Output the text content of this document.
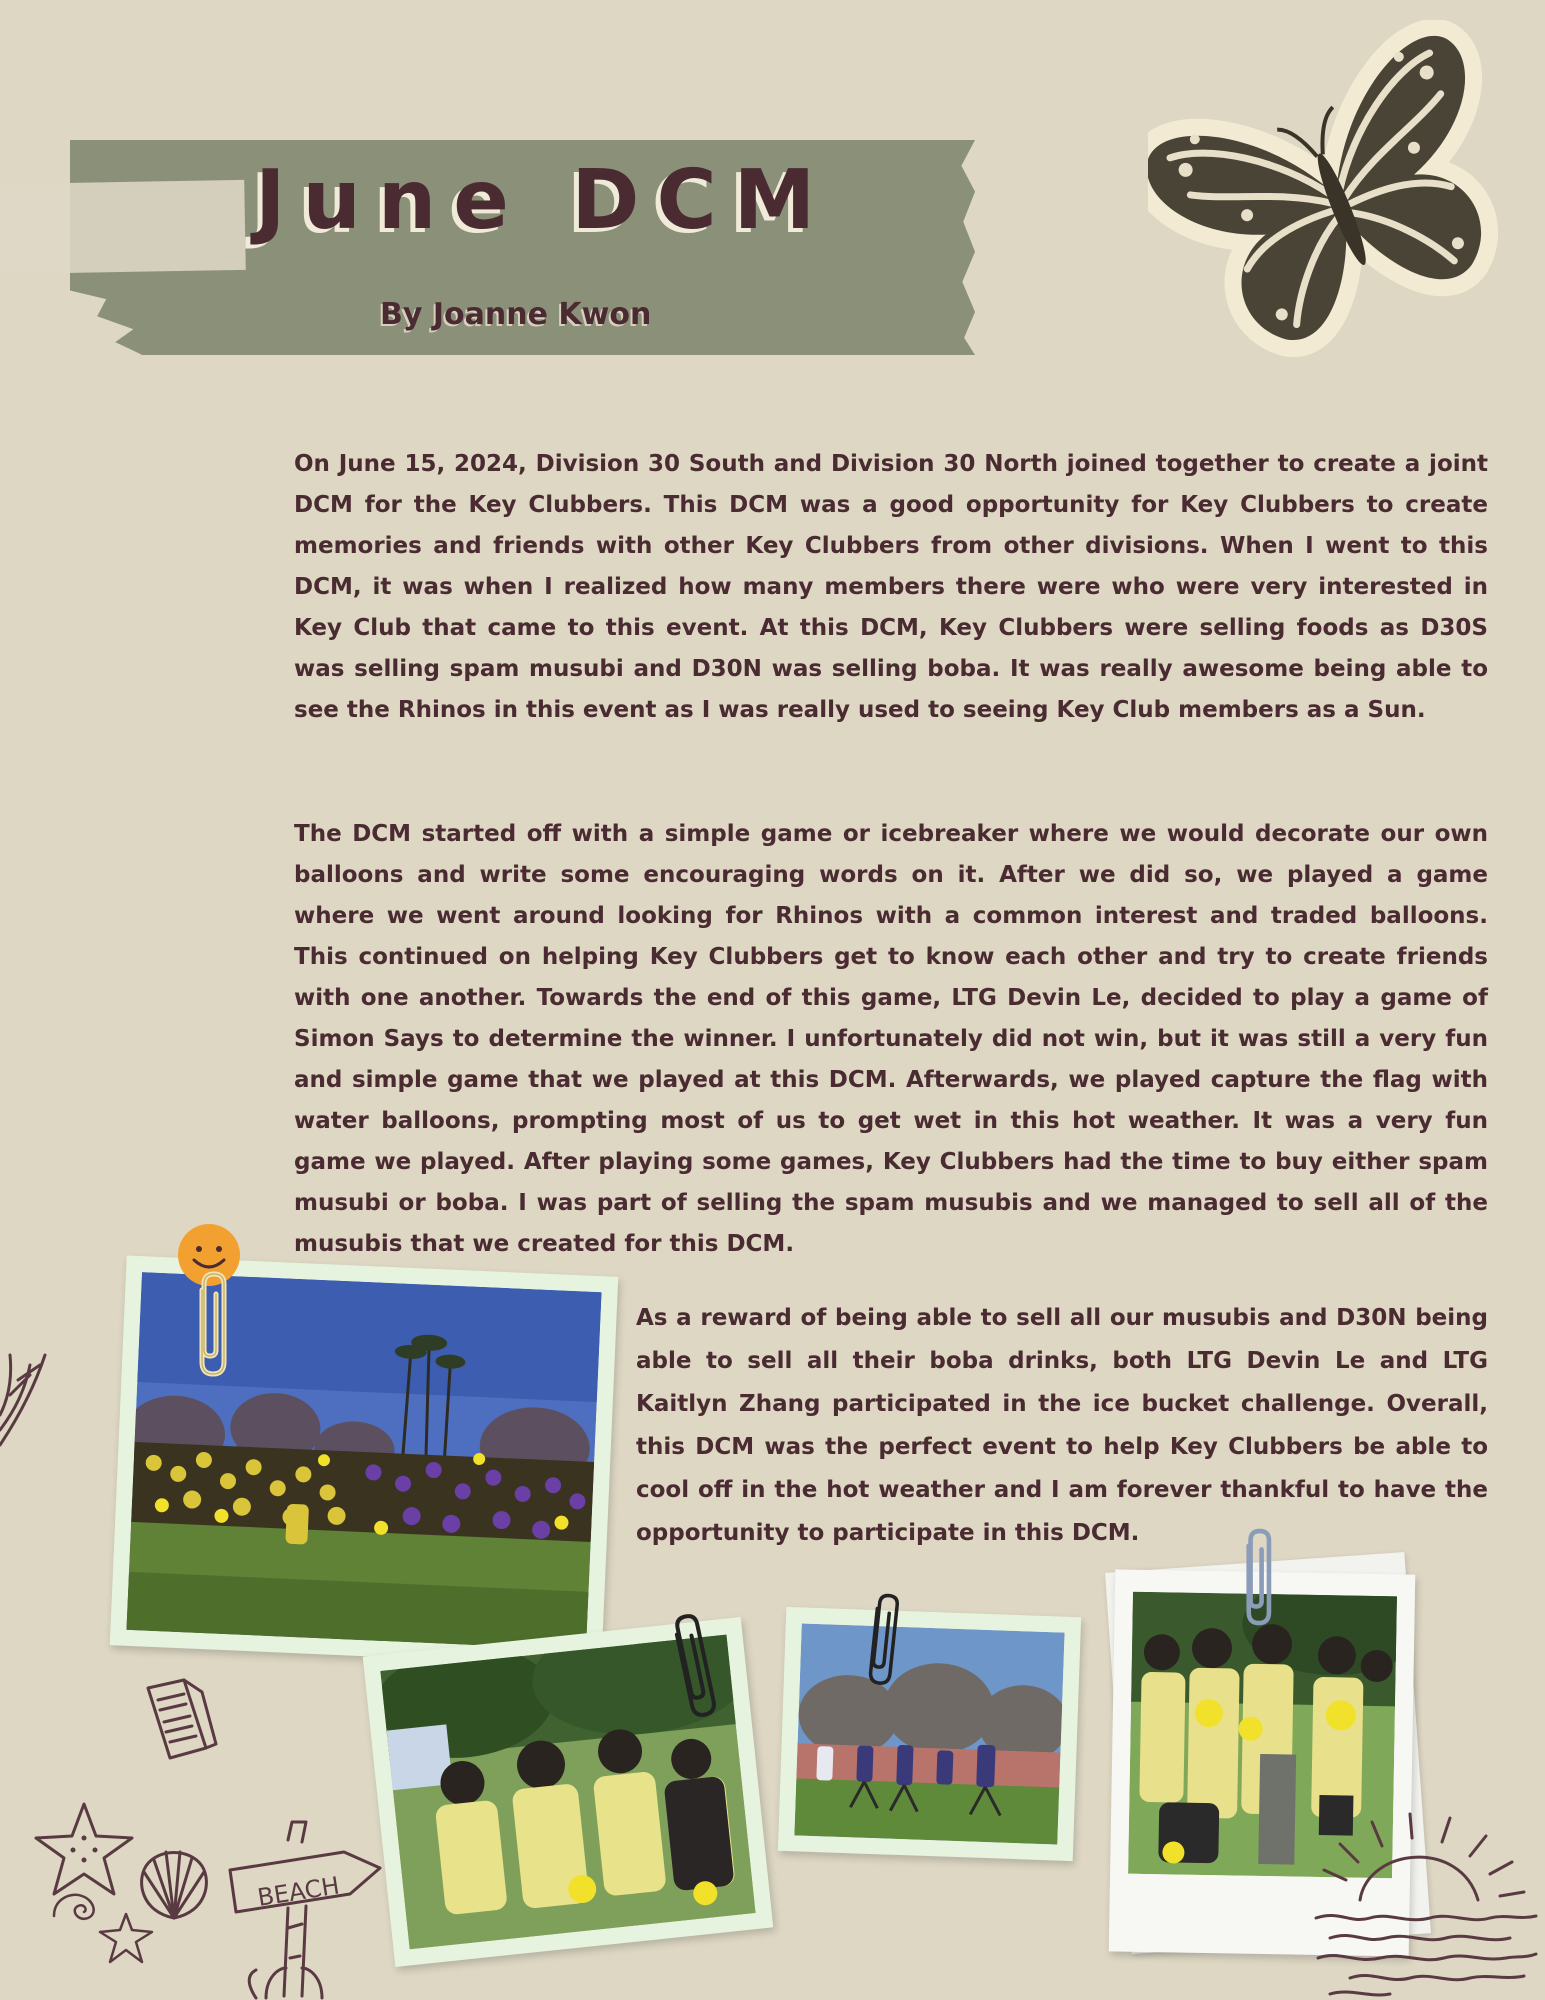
June DCM

By Joanne Kwon

On June 15, 2024, Division 30 South and Division 30 North joined together to create a joint DCM for the Key Clubbers. This DCM was a good opportunity for Key Clubbers to create memories and friends with other Key Clubbers from other divisions. When I went to this DCM, it was when I realized how many members there were who were very interested in Key Club that came to this event. At this DCM, Key Clubbers were selling foods as D30S was selling spam musubi and D30N was selling boba. It was really awesome being able to see the Rhinos in this event as I was really used to seeing Key Club members as a Sun.

The DCM started off with a simple game or icebreaker where we would decorate our own balloons and write some encouraging words on it. After we did so, we played a game where we went around looking for Rhinos with a common interest and traded balloons. This continued on helping Key Clubbers get to know each other and try to create friends with one another. Towards the end of this game, LTG Devin Le, decided to play a game of Simon Says to determine the winner. I unfortunately did not win, but it was still a very fun and simple game that we played at this DCM. Afterwards, we played capture the flag with water balloons, prompting most of us to get wet in this hot weather. It was a very fun game we played. After playing some games, Key Clubbers had the time to buy either spam musubi or boba. I was part of selling the spam musubis and we managed to sell all of the musubis that we created for this DCM.

As a reward of being able to sell all our musubis and D30N being able to sell all their boba drinks, both LTG Devin Le and LTG Kaitlyn Zhang participated in the ice bucket challenge. Overall, this DCM was the perfect event to help Key Clubbers be able to cool off in the hot weather and I am forever thankful to have the opportunity to participate in this DCM.

BEACH
